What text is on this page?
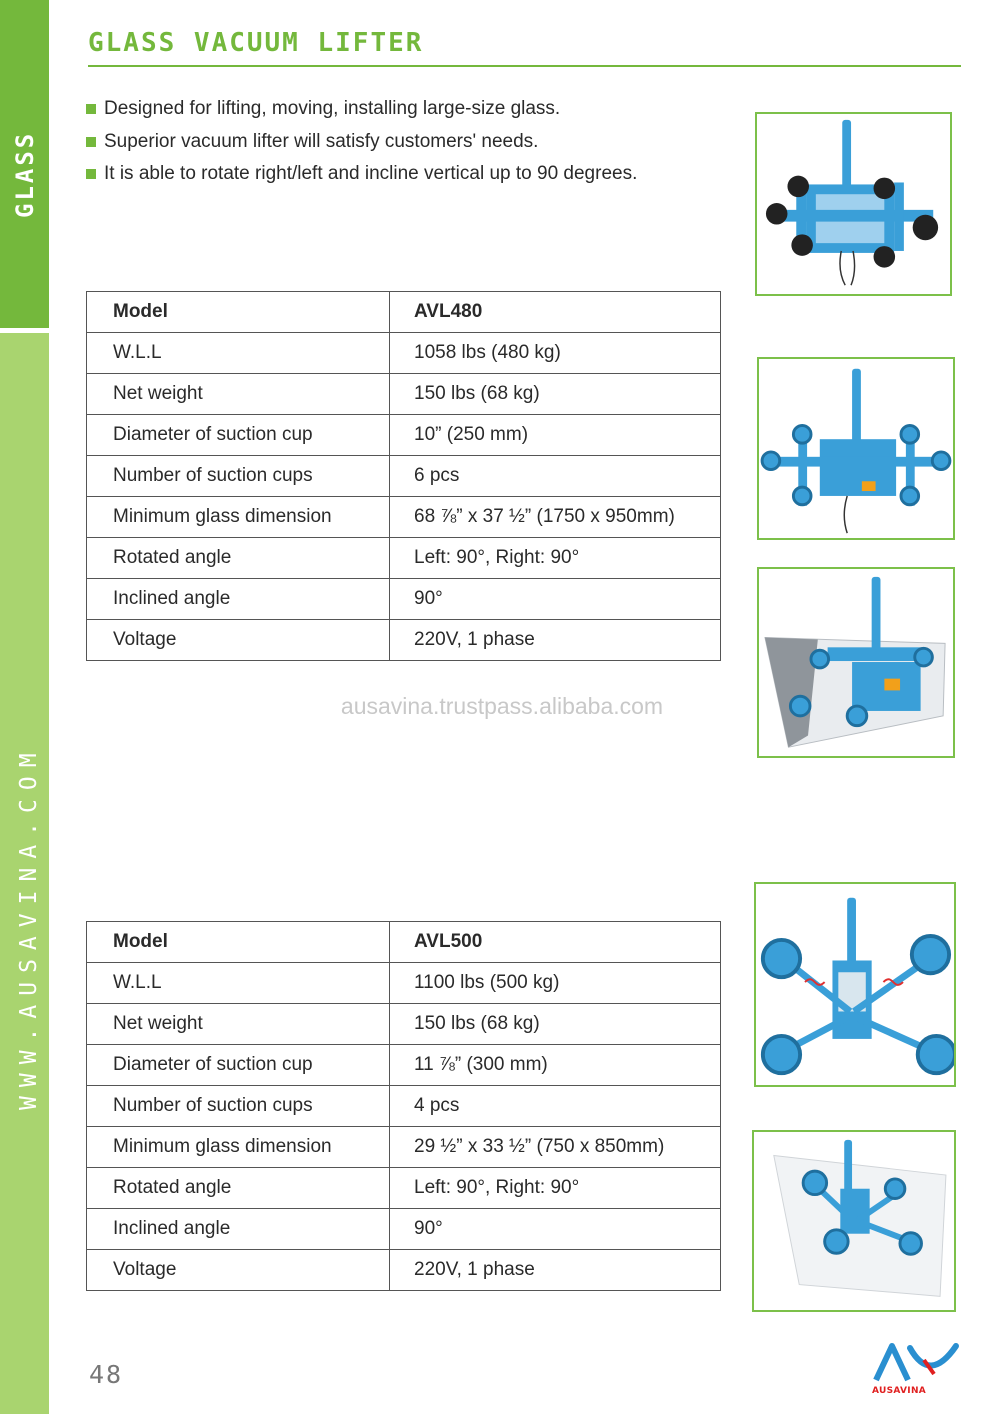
GLASS
WWW.AUSAVINA.COM
GLASS VACUUM LIFTER
Designed for lifting, moving, installing large-size glass.
Superior vacuum lifter will satisfy customers' needs.
It is able to rotate right/left and incline vertical up to 90 degrees.
Model	AVL480
W.L.L	1058 lbs (480 kg)
Net weight	150 lbs (68 kg)
Diameter of suction cup	10” (250 mm)
Number of suction cups	6 pcs
Minimum glass dimension	68 ⅞” x 37 ½” (1750 x 950mm)
Rotated angle	Left: 90°, Right: 90°
Inclined angle	90°
Voltage	220V, 1 phase
ausavina.trustpass.alibaba.com
Model	AVL500
W.L.L	1100 lbs (500 kg)
Net weight	150 lbs (68 kg)
Diameter of suction cup	11 ⅞” (300 mm)
Number of suction cups	4 pcs
Minimum glass dimension	29 ½” x 33 ½” (750 x 850mm)
Rotated angle	Left: 90°, Right: 90°
Inclined angle	90°
Voltage	220V, 1 phase
48
AUSAVINA
